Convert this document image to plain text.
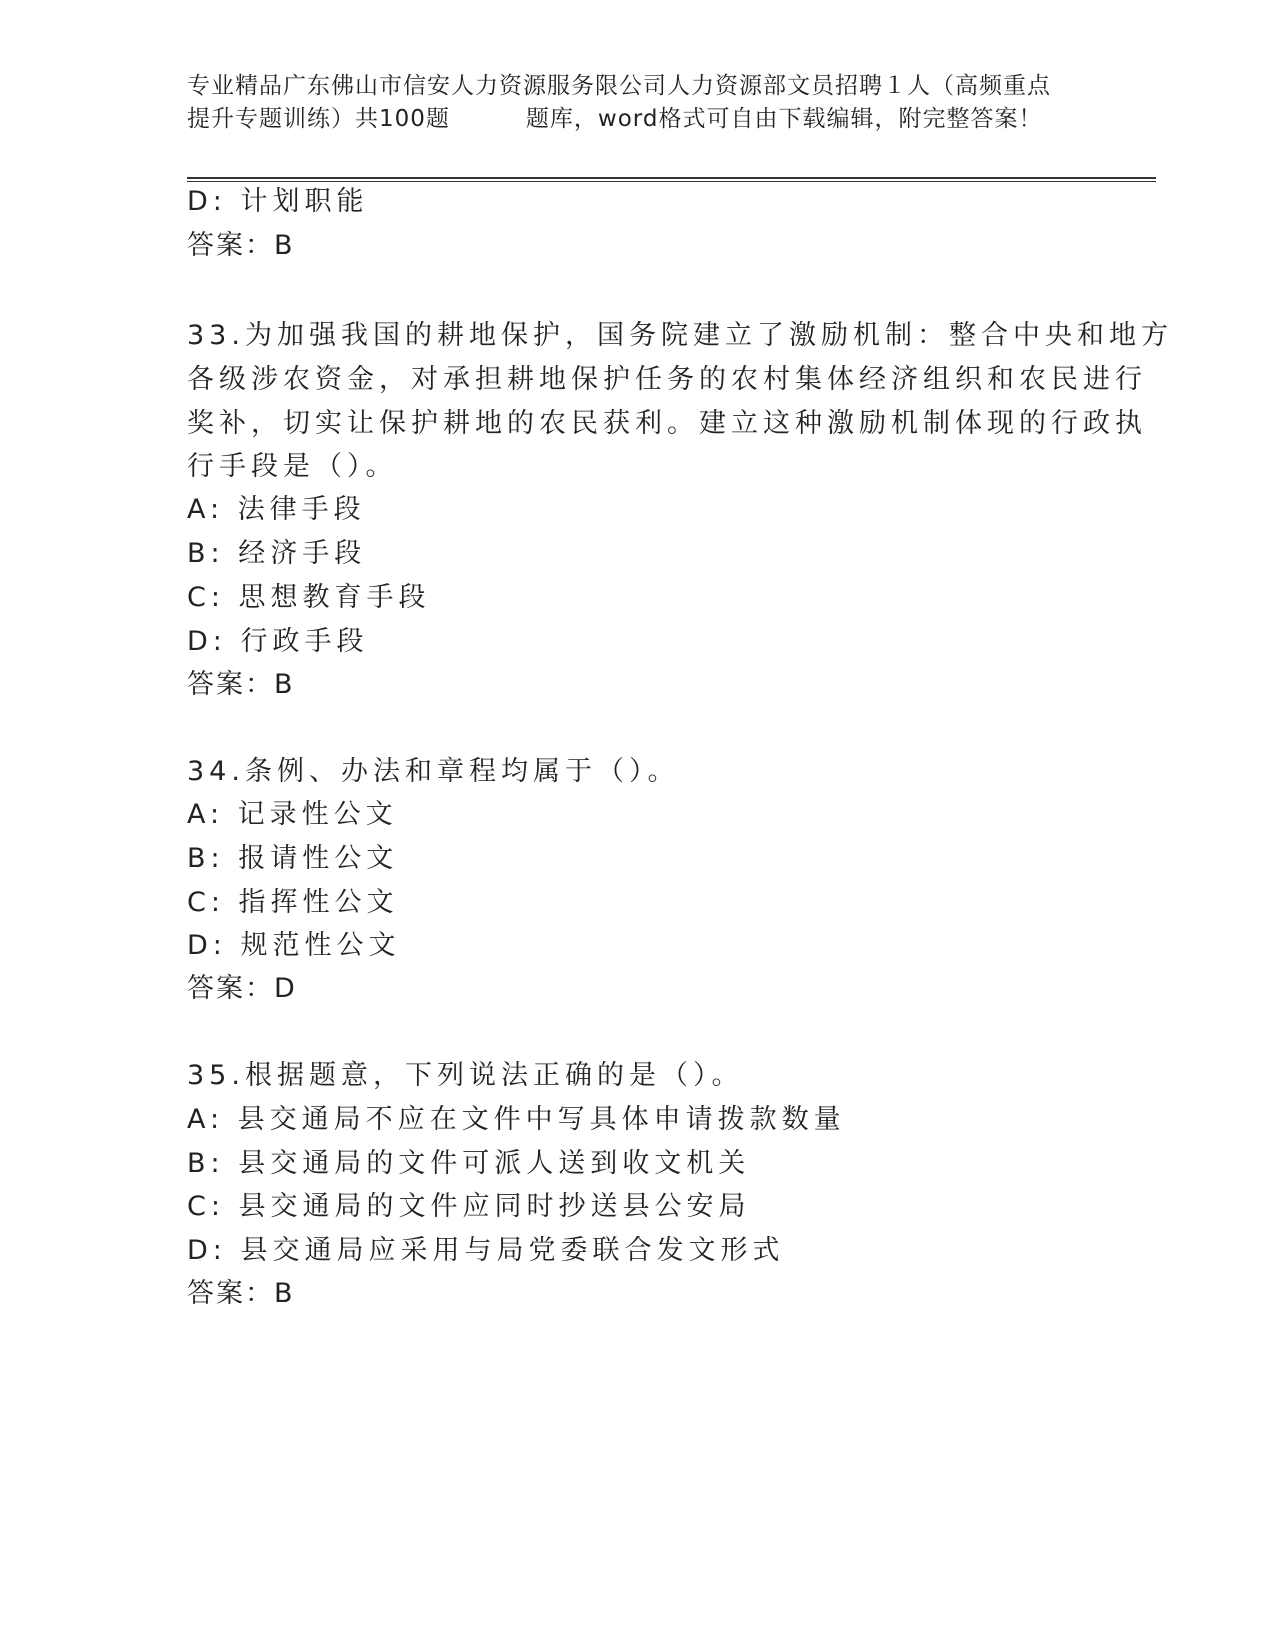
专业精品广东佛山市信安人力资源服务限公司人力资源部文员招聘１人（高频重点
提升专题训练）共100题	题库，word格式可自由下载编辑，附完整答案！
D: 计划职能
答案：B
33.为加强我国的耕地保护，国务院建立了激励机制：整合中央和地方
各级涉农资金，对承担耕地保护任务的农村集体经济组织和农民进行
奖补，切实让保护耕地的农民获利。建立这种激励机制体现的行政执
行手段是（）。
A: 法律手段
B: 经济手段
C: 思想教育手段
D: 行政手段
答案：B
34.条例、办法和章程均属于（）。
A: 记录性公文
B: 报请性公文
C: 指挥性公文
D: 规范性公文
答案：D
35.根据题意，下列说法正确的是（）。
A: 县交通局不应在文件中写具体申请拨款数量
B: 县交通局的文件可派人送到收文机关
C: 县交通局的文件应同时抄送县公安局
D: 县交通局应采用与局党委联合发文形式
答案：B
